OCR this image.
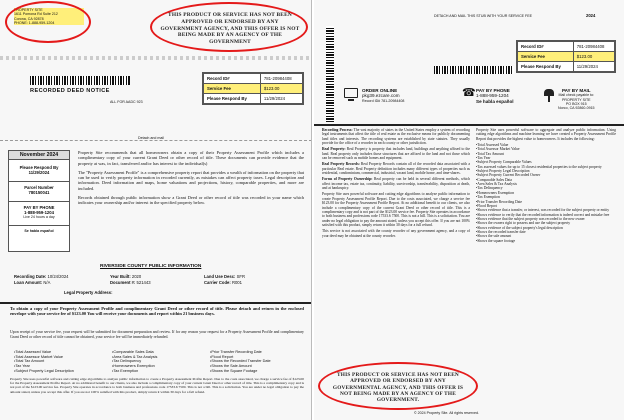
PROPERTY SITE
1611 Pomona Rd Suite 212
Corona, CA 92878
PHONE: 1-888-959-1204
THIS PRODUCT OR SERVICE HAS NOT BEEN APPROVED OR ENDORSED BY ANY GOVERNMENT AGENCY, AND THIS OFFER IS NOT BEING MADE BY AN AGENCY OF THE GOVERNMENT
RECORDED DEED NOTICE
ALL FOR AADC 923
Record ID#	781-20984408
Service Fee	$123.00
Please Respond By	11/29/2024
Detach and mail
November 2024
Please Respond By
11/29/2024
Parcel Number
780150041
PAY BY PHONE
1-888-959-1204
Live 24 hours a day
Se habla español

Property Site recommends that all homeowners obtain a copy of their Property Assessment Profile which includes a complimentary copy of your current Grant Deed or other record of title. These documents can provide evidence that the property at was, in fact, transferred and/or has interest to the individual(s)

The "Property Assessment Profile" is a comprehensive property report that provides a wealth of information on the property that can be used to verify property information in recorded currently, as mistakes can affect property taxes. Legal description and information. Deed information and maps, home valuations and projections, history, comparable properties, and more are included.

Records obtained through public information show a Grant Deed or other record of title was recorded in your name which indicates your ownership and/or interest in the specified property below.

RIVERSIDE COUNTY PUBLIC INFORMATION
Recording Date: 10/24/2024	Year Built: 2020	Land Use Desc: SFR
Loan Amount: N/A	Document #: 521443	Carrier Code: R001
Legal Property Address:
To obtain a copy of your Property Assessment Profile and complimentary Grant Deed or other record of title. Please detach and return in the enclosed envelope with your service fee of $123.00 You will receive your documents and report within 21 business days.
Upon receipt of your service fee, your request will be submitted for document preparation and review. If for any reason your request for a Property Assessment Profile and complimentary Grant Deed or other record of title cannot be obtained, your service fee will be immediately refunded.
• Total Assessed Value
• Total Assessor Market Value
• Total Tax Amount
• Tax Year
• Subject Property Legal Description
• Comparable Sales Data
• Area Sales & Tax Analysis
• Tax Delinquency
• Homeowners Exemption
• Tax Exemption
• Prior Transfer Recording Date
• Flood Report
• Shows the Recorded Transfer Date
• Shows the Sale Amount
• Shows the Square Footage
Property Site uses powerful software and cutting edge algorithms to analyze public information to create a Property Assessment Profile Report. Due to the costs associated, we charge a service fee of $123.00 for the Property Assessment Profile Report. At no additional benefit to our clients, we also include a complimentary copy of your current Grant Deed or other record of title. This is a complimentary copy and is not part of the $123.00 service fee. Property Site operates in accordance to both business and professions code 17533.6 7500. This is not a bill. This is a solicitation. You are under no legal obligation to pay the amount stated, unless you accept this offer. If you are not 100% satisfied with this product, simply return it within 30 days for a full refund.
DETACH AND MAIL THIS STUB WITH YOUR SERVICE FEE	2024
Record ID#	781-20984408
Service Fee	$123.00
Please Respond By	11/29/2024
ORDER ONLINE
pkg39.ezcare.com
Record ID# 781-20984408
☎ PAY BY PHONE
1-888-959-1204
Se habla español
PAY BY MAIL
Mail check payable to:
PROPERTY SITE
PO BOX 915
Norco, CA 92860-0915

Recording Process: The vast majority of states in the United States employ a system of recording legal instruments that affect the title of real estate as the exclusive means for publicly documenting land titles and interests. The recording systems are established by state statutes. They usually provide for the office of a recorder in each county or other jurisdiction.

Real Property: Real Property is property that includes land, buildings and anything affixed to the land. Real property only includes those structures that are affixed to the land and not those which can be removed such as mobile homes and equipment.

Real Property Records: Real Property Records contain all of the recorded data associated with a particular Real estate. Real Property definition includes many different types of properties such as residential, condominium, commercial, industrial, vacant land, mobile home, and time-shares.

Forms of Property Ownership: Real property can be held in several different methods, which affect income tax, estate tax, continuity, liability, survivorship, transferability, disposition at death, and at bankruptcy.

Property Site uses powerful software and cutting edge algorithms to analyze public information to create Property Assessment Profile Report. Due to the costs associated, we charge a service fee $123.00 for the Property Assessment Profile Report. At no additional benefit to our clients, we also include a complimentary copy of the current Grant Deed or other record of title. This is a complimentary copy and is not part of the $123.00 service fee. Property Site operates in accordance to both business and professions code 17533.6 7500. This is not a bill. This is a solicitation. You are under no legal obligation to pay the amount stated, unless you accept this offer. If you are not 100% satisfied with this product, simply return it within 30 days for a full refund.

This service is not associated with the county recorder of any government agency, and a copy of your deed may be obtained at the county recorder.

THIS PRODUCT OR SERVICE HAS NOT BEEN APPROVED OR ENDORSED BY ANY GOVERNMENTAL AGENCY, AND THIS OFFER IS NOT BEING MADE BY AN AGENCY OF THE GOVERNMENT.
© 2024 Property Site. All rights reserved.

Property Site uses powerful software to aggregate and analyze public information. Using cutting edge algorithms and machine learning we have created a Property Assessment Profile Report that provides the highest value to homeowners. It includes the following:

• Total Assessed Value
• Total Assessor Market Value
• Total Tax Amount
• Tax Year
• Subject Property Comparable Values
• Tax assessed values for up to 15 closest residential properties to the subject property
• Subject Property Legal Description
• Subject Property Current Recorded Owner
• Comparable Sales Data
• Area Sales & Tax Analysis
• Tax Delinquency
• Homeowners Exemption
• Tax Exemption
• Prior Transfer Recording Date
• Flood Report
• Shows evidence that a transfer, or interest, was recorded for the subject property or entity
• Shows evidence to verify that the recorded information is indeed correct and mistake free
• Shows evidence that the subject property was recorded to the new owner
• Shows the owners right to possess and use the subject property
• Shows evidence of the subject property's legal description
• Shows the recorded transfer date
• Shows the sale amount
• Shows the square footage
